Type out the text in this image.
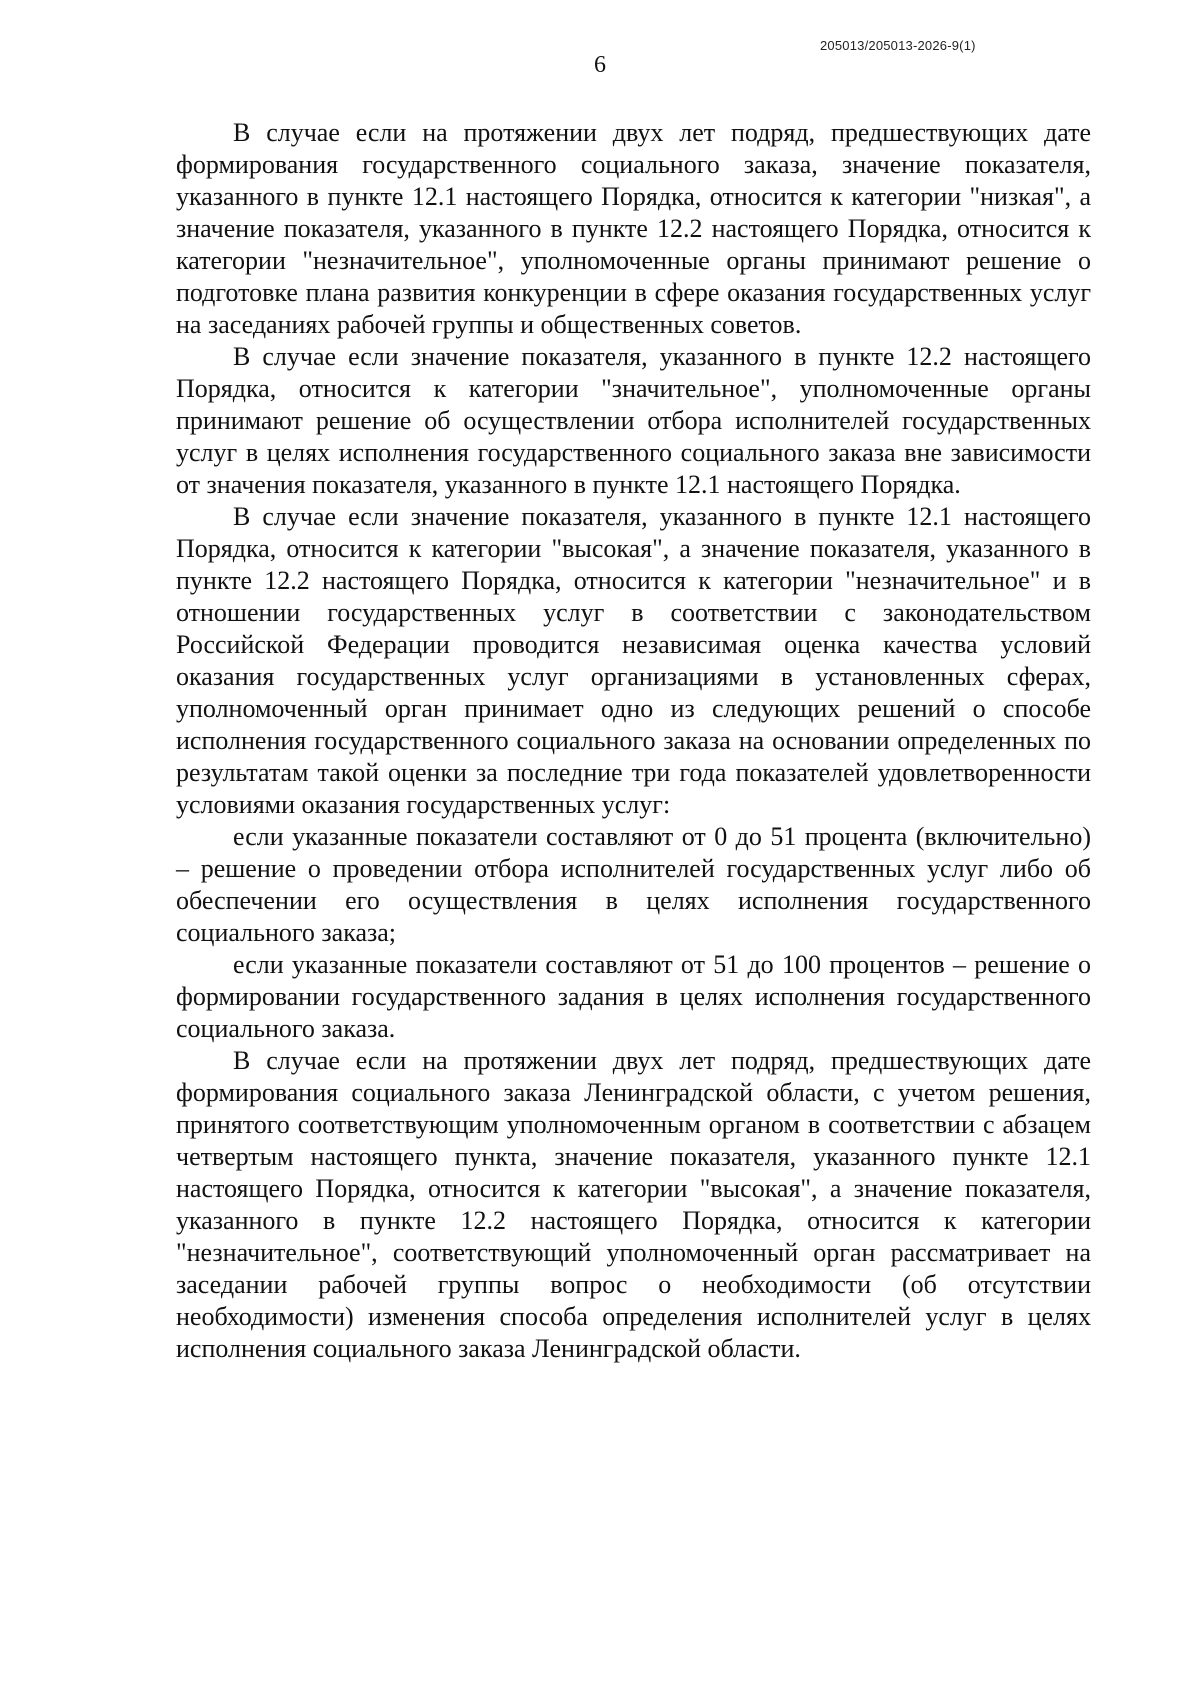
205013/205013-2026-9(1)
6

В случае если на протяжении двух лет подряд, предшествующих дате формирования государственного социального заказа, значение показателя, указанного в пункте 12.1 настоящего Порядка, относится к категории "низкая", а значение показателя, указанного в пункте 12.2 настоящего Порядка, относится к категории "незначительное", уполномоченные органы принимают решение о подготовке плана развития конкуренции в сфере оказания государственных услуг на заседаниях рабочей группы и общественных советов.

В случае если значение показателя, указанного в пункте 12.2 настоящего Порядка, относится к категории "значительное", уполномоченные органы принимают решение об осуществлении отбора исполнителей государственных услуг в целях исполнения государственного социального заказа вне зависимости от значения показателя, указанного в пункте 12.1 настоящего Порядка.

В случае если значение показателя, указанного в пункте 12.1 настоящего Порядка, относится к категории "высокая", а значение показателя, указанного в пункте 12.2 настоящего Порядка, относится к категории "незначительное" и в отношении государственных услуг в соответствии с законодательством Российской Федерации проводится независимая оценка качества условий оказания государственных услуг организациями в установленных сферах, уполномоченный орган принимает одно из следующих решений о способе исполнения государственного социального заказа на основании определенных по результатам такой оценки за последние три года показателей удовлетворенности условиями оказания государственных услуг:

если указанные показатели составляют от 0 до 51 процента (включительно) – решение о проведении отбора исполнителей государственных услуг либо об обеспечении его осуществления в целях исполнения государственного социального заказа;

если указанные показатели составляют от 51 до 100 процентов – решение о формировании государственного задания в целях исполнения государственного социального заказа.

В случае если на протяжении двух лет подряд, предшествующих дате формирования социального заказа Ленинградской области, с учетом решения, принятого соответствующим уполномоченным органом в соответствии с абзацем четвертым настоящего пункта, значение показателя, указанного пункте 12.1 настоящего Порядка, относится к категории "высокая", а значение показателя, указанного в пункте 12.2 настоящего Порядка, относится к категории "незначительное", соответствующий уполномоченный орган рассматривает на заседании рабочей группы вопрос о необходимости (об отсутствии необходимости) изменения способа определения исполнителей услуг в целях исполнения социального заказа Ленинградской области.
